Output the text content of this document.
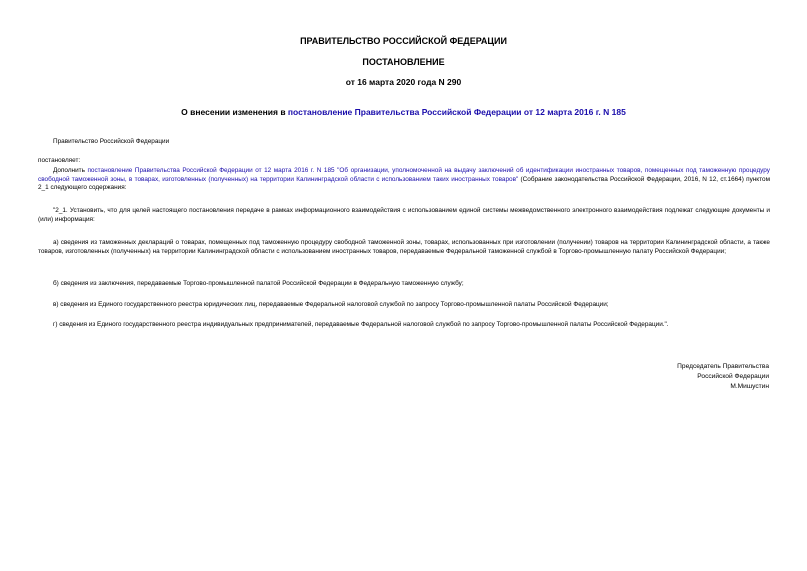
ПРАВИТЕЛЬСТВО РОССИЙСКОЙ ФЕДЕРАЦИИ
ПОСТАНОВЛЕНИЕ
от 16 марта 2020 года N 290
О внесении изменения в постановление Правительства Российской Федерации от 12 марта 2016 г. N 185
Правительство Российской Федерации
постановляет:
Дополнить постановление Правительства Российской Федерации от 12 марта 2016 г. N 185 "Об организации, уполномоченной на выдачу заключений об идентификации иностранных товаров, помещенных под таможенную процедуру свободной таможенной зоны, в товарах, изготовленных (полученных) на территории Калининградской области с использованием таких иностранных товаров" (Собрание законодательства Российской Федерации, 2016, N 12, ст.1664) пунктом 2_1 следующего содержания:
"2_1. Установить, что для целей настоящего постановления передаче в рамках информационного взаимодействия с использованием единой системы межведомственного электронного взаимодействия подлежат следующие документы и (или) информация:
а) сведения из таможенных деклараций о товарах, помещенных под таможенную процедуру свободной таможенной зоны, товарах, использованных при изготовлении (получении) товаров на территории Калининградской области, а также товаров, изготовленных (полученных) на территории Калининградской области с использованием иностранных товаров, передаваемые Федеральной таможенной службой в Торгово-промышленную палату Российской Федерации;
б) сведения из заключения, передаваемые Торгово-промышленной палатой Российской Федерации в Федеральную таможенную службу;
в) сведения из Единого государственного реестра юридических лиц, передаваемые Федеральной налоговой службой по запросу Торгово-промышленной палаты Российской Федерации;
г) сведения из Единого государственного реестра индивидуальных предпринимателей, передаваемые Федеральной налоговой службой по запросу Торгово-промышленной палаты Российской Федерации.".
Председатель Правительства
Российской Федерации
М.Мишустин
